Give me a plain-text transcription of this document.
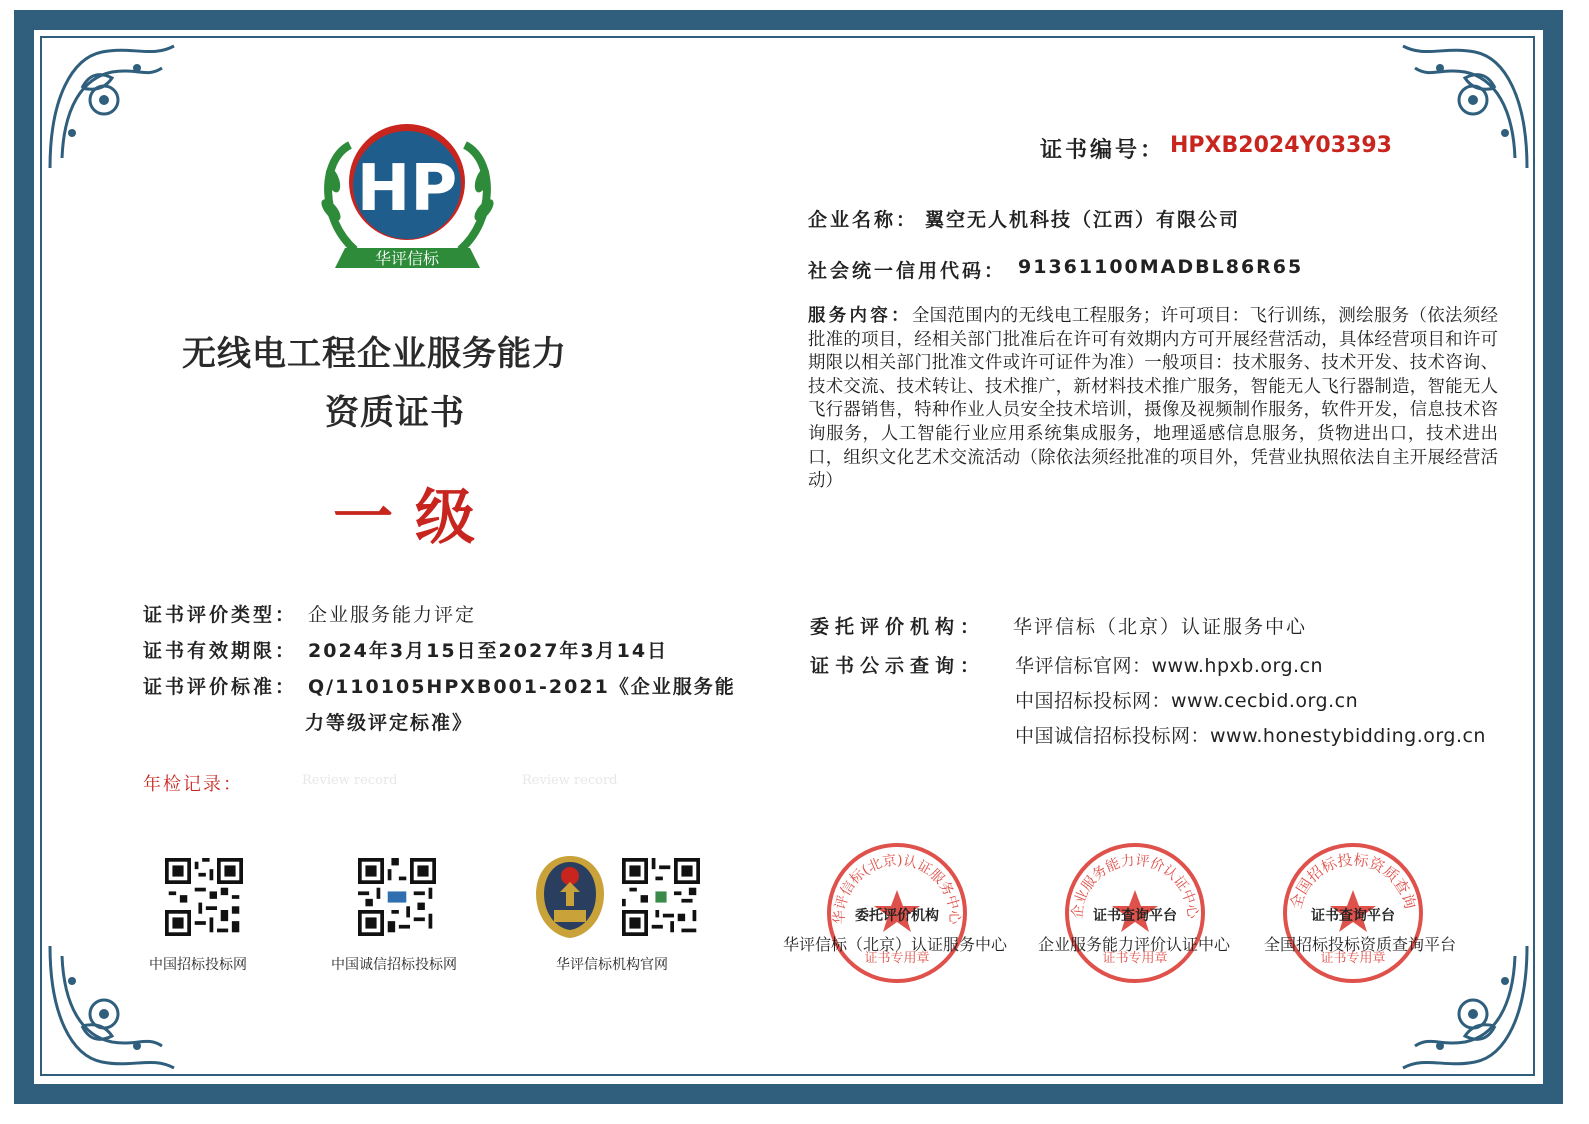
HP
华评信标
无线电工程企业服务能力
资质证书
一级
证书编号： HPXB2024Y03393
企业名称： 翼空无人机科技（江西）有限公司
社会统一信用代码： 91361100MADBL86R65
服务内容：全国范围内的无线电工程服务；许可项目：飞行训练，测绘服务（依法须经批准的项目，经相关部门批准后在许可有效期内方可开展经营活动，具体经营项目和许可期限以相关部门批准文件或许可证件为准）一般项目：技术服务、技术开发、技术咨询、技术交流、技术转让、技术推广，新材料技术推广服务，智能无人飞行器制造，智能无人飞行器销售，特种作业人员安全技术培训，摄像及视频制作服务，软件开发，信息技术咨询服务，人工智能行业应用系统集成服务，地理遥感信息服务，货物进出口，技术进出口，组织文化艺术交流活动（除依法须经批准的项目外，凭营业执照依法自主开展经营活动）
证书评价类型： 企业服务能力评定
证书有效期限： 2024年3月15日至2027年3月14日
证书评价标准： Q/110105HPXB001-2021《企业服务能
力等级评定标准》
年检记录：	Review record	Review record
委托评价机构： 华评信标（北京）认证服务中心
证书公示查询： 华评信标官网：www.hpxb.org.cn
中国招标投标网：www.cecbid.org.cn
中国诚信招标投标网：www.honestybidding.org.cn
中国招标投标网	中国诚信招标投标网	华评信标机构官网
华评信标(北京)认证服务中心
委托评价机构
证书专用章
企业服务能力评价认证中心
证书查询平台
证书专用章
全国招标投标资质查询
证书查询平台
证书专用章
华评信标（北京）认证服务中心 企业服务能力评价认证中心 全国招标投标资质查询平台
